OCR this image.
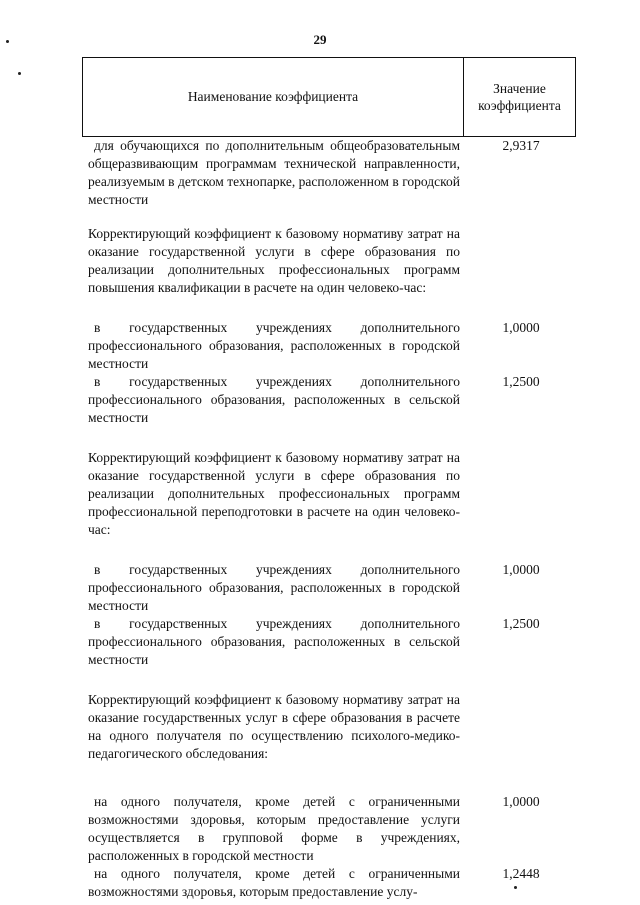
29
Наименование коэффициента
Значение
коэффициента
для обучающихся по дополнительным общеобразовательным общеразвивающим программам технической направленности, реализуемым в детском технопарке, расположенном в городской местности
2,9317
Корректирующий коэффициент к базовому нормативу затрат на оказание государственной услуги в сфере образования по реализации дополнительных профессиональных программ повышения квалификации в расчете на один человеко-час:
в государственных учреждениях дополнительного профессионального образования, расположенных в городской местности
1,0000
в государственных учреждениях дополнительного профессионального образования, расположенных в сельской местности
1,2500
Корректирующий коэффициент к базовому нормативу затрат на оказание государственной услуги в сфере образования по реализации дополнительных профессиональных программ профессиональной переподготовки в расчете на один человеко-час:
в государственных учреждениях дополнительного профессионального образования, расположенных в городской местности
1,0000
в государственных учреждениях дополнительного профессионального образования, расположенных в сельской местности
1,2500
Корректирующий коэффициент к базовому нормативу затрат на оказание государственных услуг в сфере образования в расчете на одного получателя по осуществлению психолого-медико-педагогического обследования:
на одного получателя, кроме детей с ограниченными возможностями здоровья, которым предоставление услуги осуществляется в групповой форме в учреждениях, расположенных в городской местности
1,0000
на одного получателя, кроме детей с ограниченными возможностями здоровья, которым предоставление услу-
1,2448
